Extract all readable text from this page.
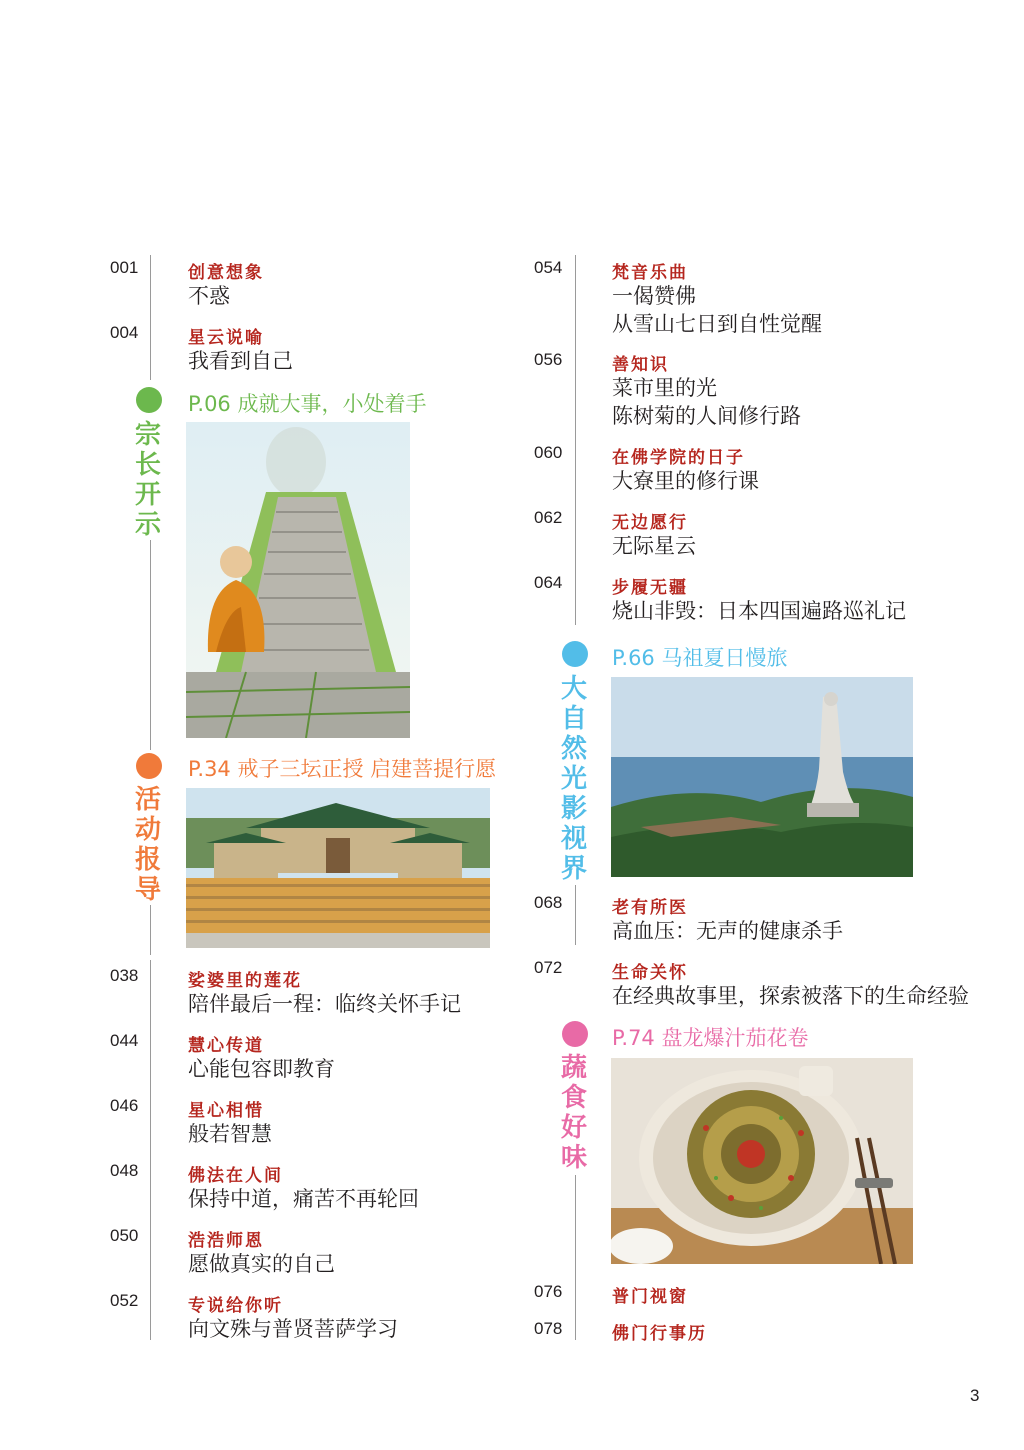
001	创意想象
不惑
004	星云说喻
我看到自己
宗长开示
P.06 成就大事，小处着手
活动报导
P.34 戒子三坛正授 启建菩提行愿
038	娑婆里的莲花
陪伴最后一程：临终关怀手记
044	慧心传道
心能包容即教育
046	星心相惜
般若智慧
048	佛法在人间
保持中道，痛苦不再轮回
050	浩浩师恩
愿做真实的自己
052	专说给你听
向文殊与普贤菩萨学习
054	梵音乐曲
一偈赞佛
从雪山七日到自性觉醒
056	善知识
菜市里的光
陈树菊的人间修行路
060	在佛学院的日子
大寮里的修行课
062	无边愿行
无际星云
064	步履无疆
烧山非毁：日本四国遍路巡礼记
大自然光影视界
P.66 马祖夏日慢旅
068	老有所医
高血压：无声的健康杀手
072	生命关怀
在经典故事里，探索被落下的生命经验
蔬食好味
P.74 盘龙爆汁茄花卷
076	普门视窗
078	佛门行事历
3
